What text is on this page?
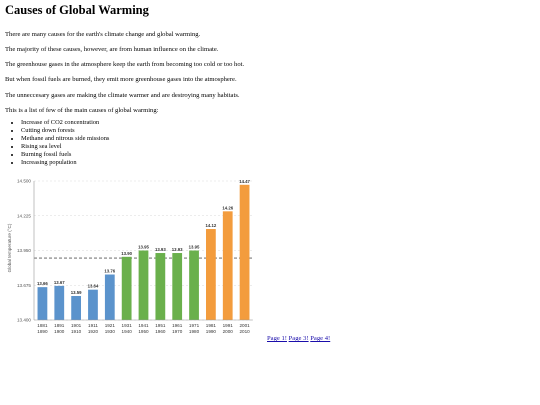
Causes of Global Warming

There are many causes for the earth's climate change and global warming.

The majority of these causes, however, are from human influence on the climate.

The greenhouse gases in the atmosphere keep the earth from becoming too cold or too hot.

But when fossil fuels are burned, they emit more greenhouse gases into the atmosphere.

The unneccesary gases are making the climate warmer and are destroying many habitats.

This is a list of few of the main causes of global warming:

• Increase of CO2 concentration
• Cutting down forests
• Methane and nitrous side missions
• Rising sea level
• Burning fossil fuels
• Increasing population
13.66 13.67
13.59
13.64
13.76
13.90
13.95
13.93 13.93
13.95
14.12
14.26
14.47
14.500
14.225
13.950
13.675
13.400
1881
1890
1891
1900
1901
1910
1911
1920
1921
1930
1931
1940
1941
1950
1951
1960
1961
1970
1971
1980
1981
1990
1991
2000
2001
2010
Global temperature (°C)
Page 1! Page 3! Page 4!
